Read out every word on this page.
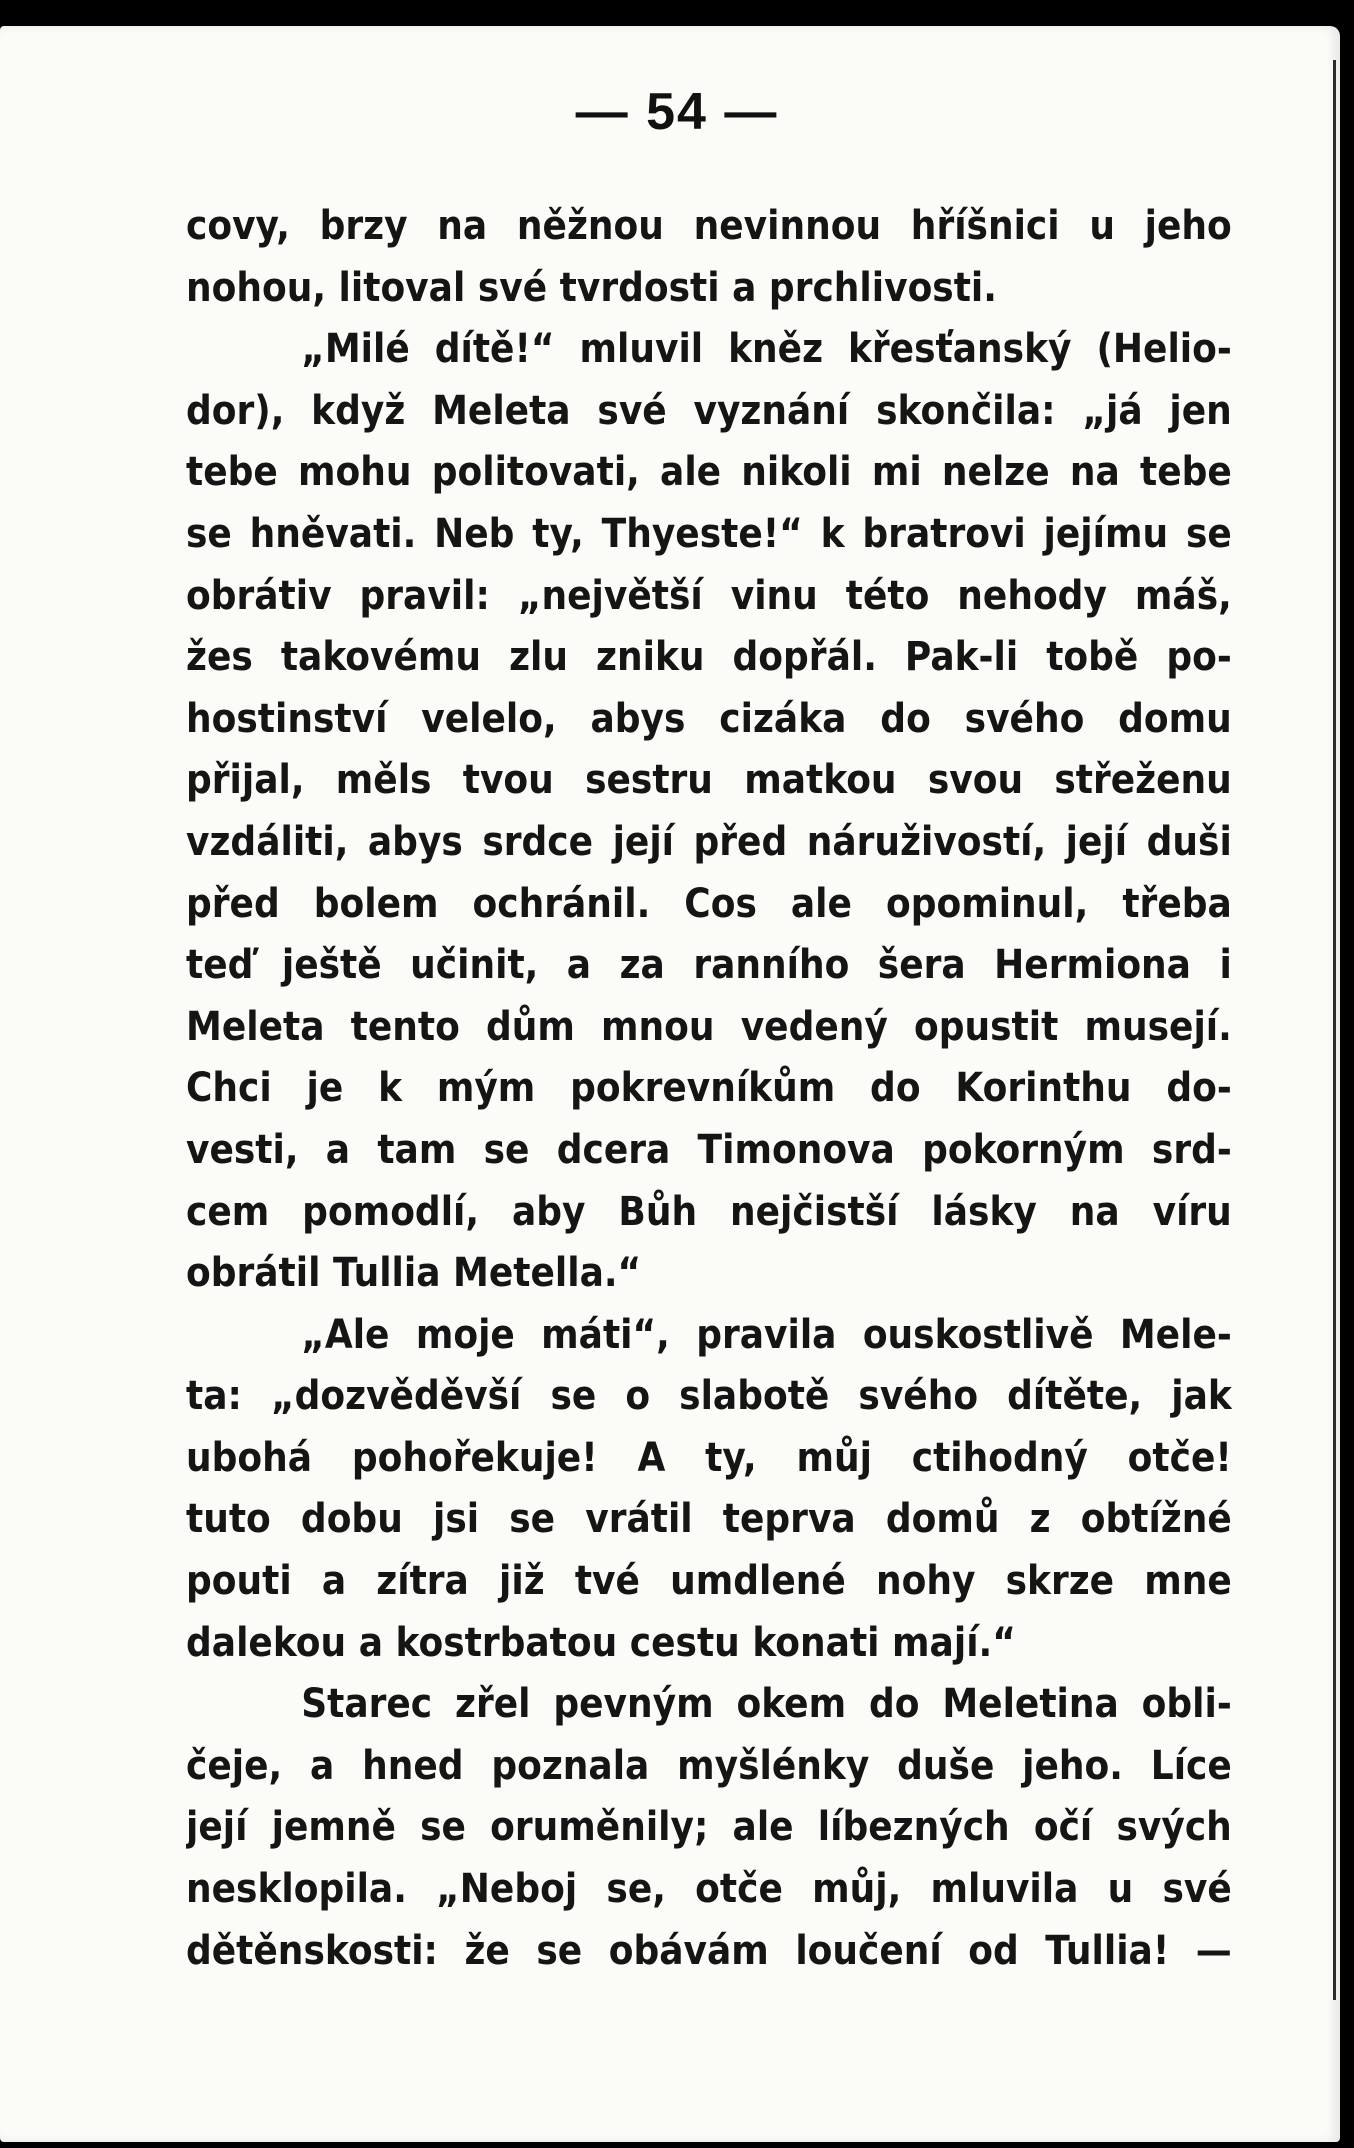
— 54 —
covy, brzy na něžnou nevinnou hříšnici u jeho
nohou, litoval své tvrdosti a prchlivosti.
„Milé dítě!“ mluvil kněz křesťanský (Helio-
dor), když Meleta své vyznání skončila: „já jen
tebe mohu politovati, ale nikoli mi nelze na tebe
se hněvati. Neb ty, Thyeste!“ k bratrovi jejímu se
obrátiv pravil: „největší vinu této nehody máš,
žes takovému zlu zniku dopřál. Pak-li tobě po-
hostinství velelo, abys cizáka do svého domu
přijal, měls tvou sestru matkou svou střeženu
vzdáliti, abys srdce její před náruživostí, její duši
před bolem ochránil. Cos ale opominul, třeba
teď ještě učinit, a za ranního šera Hermiona i
Meleta tento dům mnou vedený opustit musejí.
Chci je k mým pokrevníkům do Korinthu do-
vesti, a tam se dcera Timonova pokorným srd-
cem pomodlí, aby Bůh nejčistší lásky na víru
obrátil Tullia Metella.“
„Ale moje máti“, pravila ouskostlivě Mele-
ta: „dozvěděvší se o slabotě svého dítěte, jak
ubohá pohořekuje! A ty, můj ctihodný otče!
tuto dobu jsi se vrátil teprva domů z obtížné
pouti a zítra již tvé umdlené nohy skrze mne
dalekou a kostrbatou cestu konati mají.“
Starec zřel pevným okem do Meletina obli-
čeje, a hned poznala myšlénky duše jeho. Líce
její jemně se oruměnily; ale líbezných očí svých
nesklopila. „Neboj se, otče můj, mluvila u své
dětěnskosti: že se obávám loučení od Tullia! —
